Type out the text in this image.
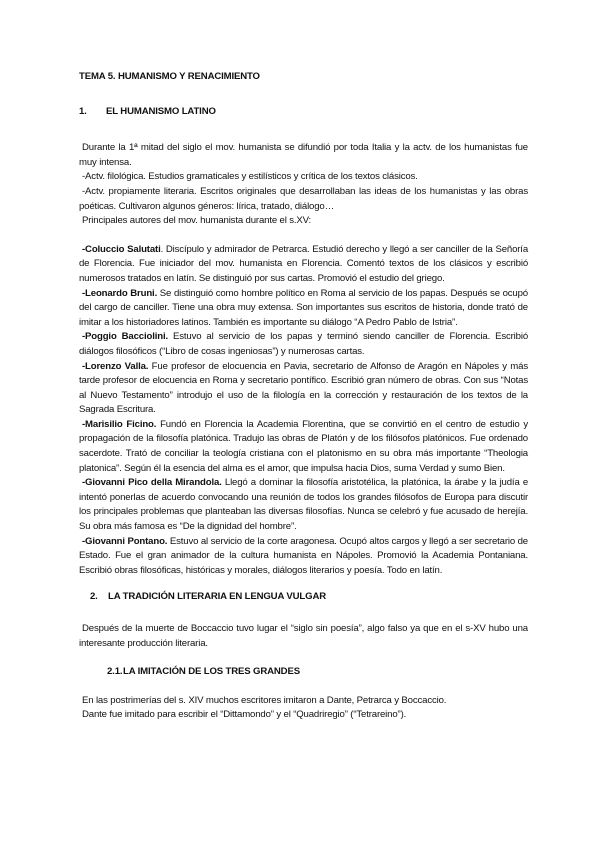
TEMA 5. HUMANISMO Y RENACIMIENTO
1. EL HUMANISMO LATINO

Durante la 1ª mitad del siglo el mov. humanista se difundió por toda Italia y la actv. de los humanistas fue muy intensa.

-Actv. filológica. Estudios gramaticales y estilísticos y crítica de los textos clásicos.

-Actv. propiamente literaria. Escritos originales que desarrollaban las ideas de los humanistas y las obras poéticas. Cultivaron algunos géneros: lírica, tratado, diálogo…

Principales autores del mov. humanista durante el s.XV:

-Coluccio Salutati. Discípulo y admirador de Petrarca. Estudió derecho y llegó a ser canciller de la Señoría de Florencia. Fue iniciador del mov. humanista en Florencia. Comentó textos de los clásicos y escribió numerosos tratados en latín. Se distinguió por sus cartas. Promovió el estudio del griego.

-Leonardo Bruni. Se distinguió como hombre político en Roma al servicio de los papas. Después se ocupó del cargo de canciller. Tiene una obra muy extensa. Son importantes sus escritos de historia, donde trató de imitar a los historiadores latinos. También es importante su diálogo “A Pedro Pablo de Istria”.

-Poggio Bacciolini. Estuvo al servicio de los papas y terminó siendo canciller de Florencia. Escribió diálogos filosóficos (“Libro de cosas ingeniosas”) y numerosas cartas.

-Lorenzo Valla. Fue profesor de elocuencia en Pavia, secretario de Alfonso de Aragón en Nápoles y más tarde profesor de elocuencia en Roma y secretario pontífico. Escribió gran número de obras. Con sus “Notas al Nuevo Testamento” introdujo el uso de la filología en la corrección y restauración de los textos de la Sagrada Escritura.

-Marisilio Ficino. Fundó en Florencia la Academia Florentina, que se convirtió en el centro de estudio y propagación de la filosofía platónica. Tradujo las obras de Platón y de los filósofos platónicos. Fue ordenado sacerdote. Trató de conciliar la teología cristiana con el platonismo en su obra más importante “Theologia platonica”. Según él la esencia del alma es el amor, que impulsa hacia Dios, suma Verdad y sumo Bien.

-Giovanni Pico della Mirandola. Llegó a dominar la filosofía aristotélica, la platónica, la árabe y la judía e intentó ponerlas de acuerdo convocando una reunión de todos los grandes filósofos de Europa para discutir los principales problemas que planteaban las diversas filosofías. Nunca se celebró y fue acusado de herejía. Su obra más famosa es “De la dignidad del hombre”.

-Giovanni Pontano. Estuvo al servicio de la corte aragonesa. Ocupó altos cargos y llegó a ser secretario de Estado. Fue el gran animador de la cultura humanista en Nápoles. Promovió la Academia Pontaniana. Escribió obras filosóficas, históricas y morales, diálogos literarios y poesía. Todo en latín.

2. LA TRADICIÓN LITERARIA EN LENGUA VULGAR

Después de la muerte de Boccaccio tuvo lugar el “siglo sin poesía”, algo falso ya que en el s-XV hubo una interesante producción literaria.

2.1.LA IMITACIÓN DE LOS TRES GRANDES

En las postrimerías del s. XIV muchos escritores imitaron a Dante, Petrarca y Boccaccio.

Dante fue imitado para escribir el “Dittamondo” y el “Quadriregio” (“Tetrareino”).
